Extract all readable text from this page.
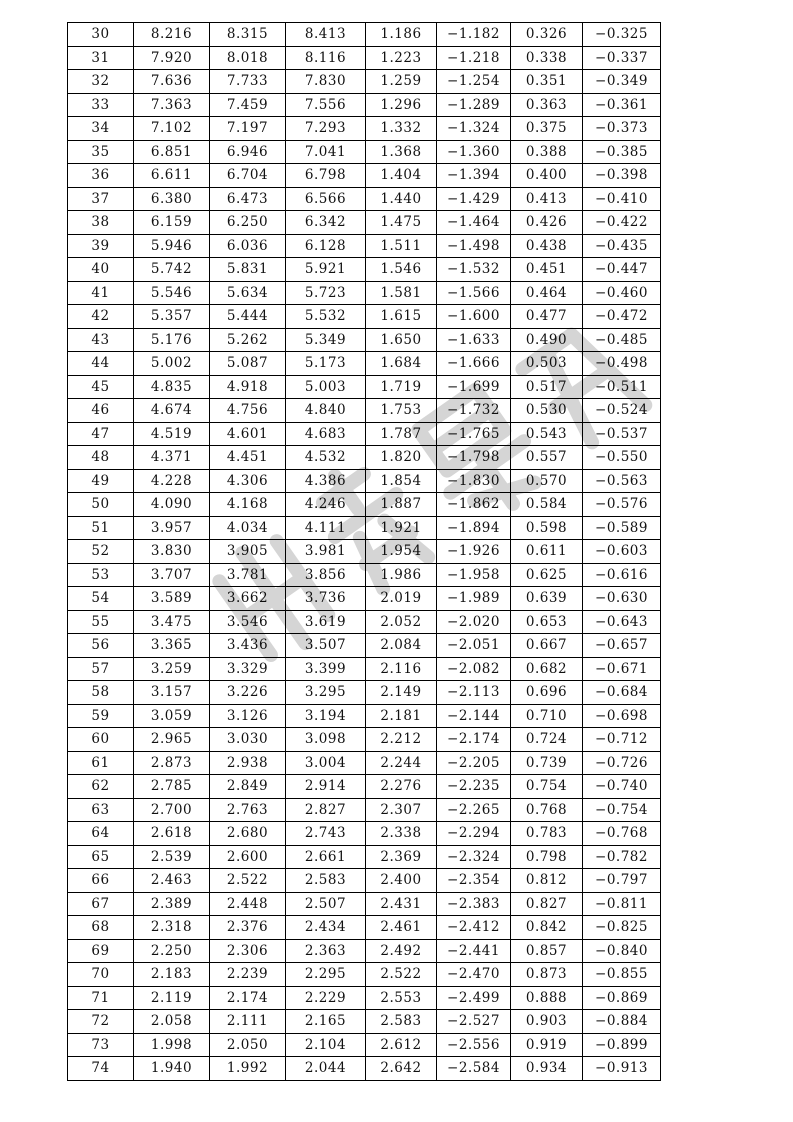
30	8.216	8.315	8.413	1.186	−1.182	0.326	−0.325
31	7.920	8.018	8.116	1.223	−1.218	0.338	−0.337
32	7.636	7.733	7.830	1.259	−1.254	0.351	−0.349
33	7.363	7.459	7.556	1.296	−1.289	0.363	−0.361
34	7.102	7.197	7.293	1.332	−1.324	0.375	−0.373
35	6.851	6.946	7.041	1.368	−1.360	0.388	−0.385
36	6.611	6.704	6.798	1.404	−1.394	0.400	−0.398
37	6.380	6.473	6.566	1.440	−1.429	0.413	−0.410
38	6.159	6.250	6.342	1.475	−1.464	0.426	−0.422
39	5.946	6.036	6.128	1.511	−1.498	0.438	−0.435
40	5.742	5.831	5.921	1.546	−1.532	0.451	−0.447
41	5.546	5.634	5.723	1.581	−1.566	0.464	−0.460
42	5.357	5.444	5.532	1.615	−1.600	0.477	−0.472
43	5.176	5.262	5.349	1.650	−1.633	0.490	−0.485
44	5.002	5.087	5.173	1.684	−1.666	0.503	−0.498
45	4.835	4.918	5.003	1.719	−1.699	0.517	−0.511
46	4.674	4.756	4.840	1.753	−1.732	0.530	−0.524
47	4.519	4.601	4.683	1.787	−1.765	0.543	−0.537
48	4.371	4.451	4.532	1.820	−1.798	0.557	−0.550
49	4.228	4.306	4.386	1.854	−1.830	0.570	−0.563
50	4.090	4.168	4.246	1.887	−1.862	0.584	−0.576
51	3.957	4.034	4.111	1.921	−1.894	0.598	−0.589
52	3.830	3.905	3.981	1.954	−1.926	0.611	−0.603
53	3.707	3.781	3.856	1.986	−1.958	0.625	−0.616
54	3.589	3.662	3.736	2.019	−1.989	0.639	−0.630
55	3.475	3.546	3.619	2.052	−2.020	0.653	−0.643
56	3.365	3.436	3.507	2.084	−2.051	0.667	−0.657
57	3.259	3.329	3.399	2.116	−2.082	0.682	−0.671
58	3.157	3.226	3.295	2.149	−2.113	0.696	−0.684
59	3.059	3.126	3.194	2.181	−2.144	0.710	−0.698
60	2.965	3.030	3.098	2.212	−2.174	0.724	−0.712
61	2.873	2.938	3.004	2.244	−2.205	0.739	−0.726
62	2.785	2.849	2.914	2.276	−2.235	0.754	−0.740
63	2.700	2.763	2.827	2.307	−2.265	0.768	−0.754
64	2.618	2.680	2.743	2.338	−2.294	0.783	−0.768
65	2.539	2.600	2.661	2.369	−2.324	0.798	−0.782
66	2.463	2.522	2.583	2.400	−2.354	0.812	−0.797
67	2.389	2.448	2.507	2.431	−2.383	0.827	−0.811
68	2.318	2.376	2.434	2.461	−2.412	0.842	−0.825
69	2.250	2.306	2.363	2.492	−2.441	0.857	−0.840
70	2.183	2.239	2.295	2.522	−2.470	0.873	−0.855
71	2.119	2.174	2.229	2.553	−2.499	0.888	−0.869
72	2.058	2.111	2.165	2.583	−2.527	0.903	−0.884
73	1.998	2.050	2.104	2.612	−2.556	0.919	−0.899
74	1.940	1.992	2.044	2.642	−2.584	0.934	−0.913
